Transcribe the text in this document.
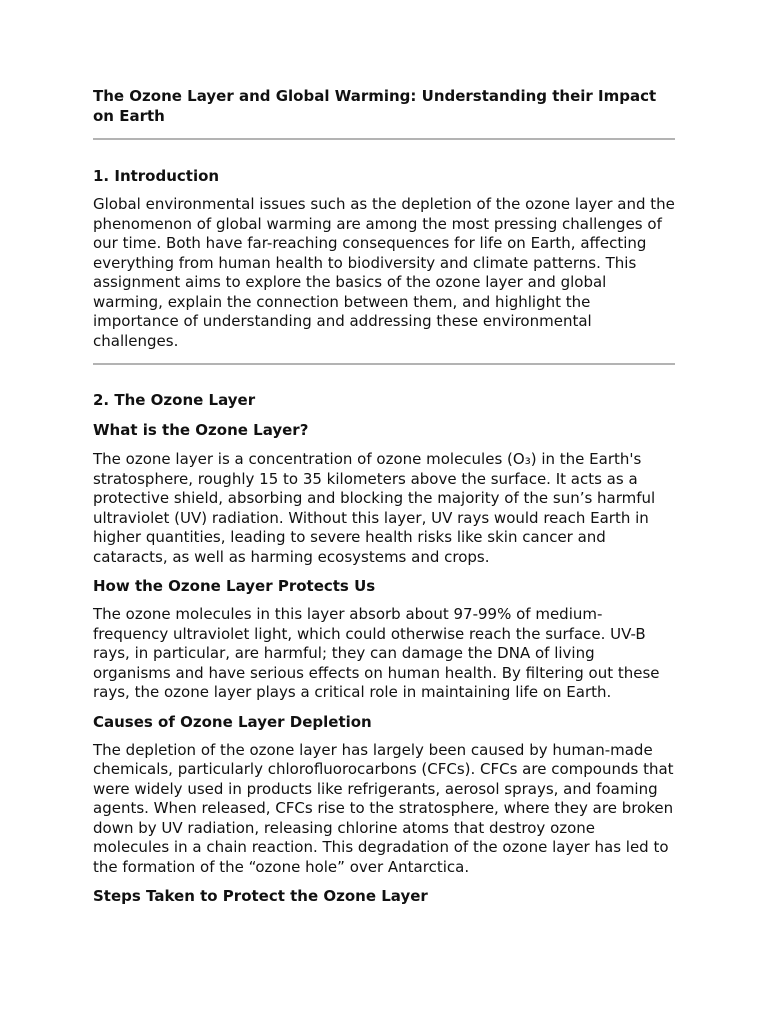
The Ozone Layer and Global Warming: Understanding their Impact on Earth
1. Introduction

Global environmental issues such as the depletion of the ozone layer and the phenomenon of global warming are among the most pressing challenges of our time. Both have far-reaching consequences for life on Earth, affecting everything from human health to biodiversity and climate patterns. This assignment aims to explore the basics of the ozone layer and global warming, explain the connection between them, and highlight the importance of understanding and addressing these environmental challenges.

2. The Ozone Layer
What is the Ozone Layer?

The ozone layer is a concentration of ozone molecules (O₃) in the Earth's stratosphere, roughly 15 to 35 kilometers above the surface. It acts as a protective shield, absorbing and blocking the majority of the sun’s harmful ultraviolet (UV) radiation. Without this layer, UV rays would reach Earth in higher quantities, leading to severe health risks like skin cancer and cataracts, as well as harming ecosystems and crops.

How the Ozone Layer Protects Us

The ozone molecules in this layer absorb about 97-99% of medium-frequency ultraviolet light, which could otherwise reach the surface. UV-B rays, in particular, are harmful; they can damage the DNA of living organisms and have serious effects on human health. By filtering out these rays, the ozone layer plays a critical role in maintaining life on Earth.

Causes of Ozone Layer Depletion

The depletion of the ozone layer has largely been caused by human-made chemicals, particularly chlorofluorocarbons (CFCs). CFCs are compounds that were widely used in products like refrigerants, aerosol sprays, and foaming agents. When released, CFCs rise to the stratosphere, where they are broken down by UV radiation, releasing chlorine atoms that destroy ozone molecules in a chain reaction. This degradation of the ozone layer has led to the formation of the “ozone hole” over Antarctica.

Steps Taken to Protect the Ozone Layer
